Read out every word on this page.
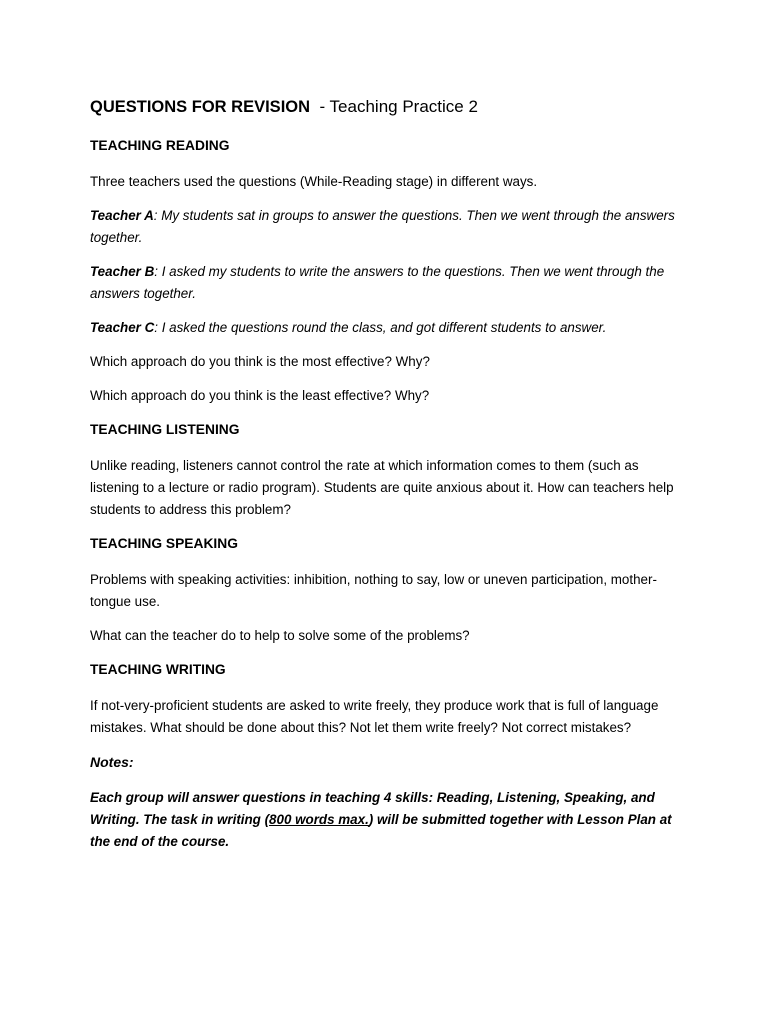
QUESTIONS FOR REVISION  - Teaching Practice 2
TEACHING READING

Three teachers used the questions (While-Reading stage) in different ways.

Teacher A: My students sat in groups to answer the questions. Then we went through the answers together.

Teacher B: I asked my students to write the answers to the questions. Then we went through the answers together.

Teacher C: I asked the questions round the class, and got different students to answer.

Which approach do you think is the most effective? Why?

Which approach do you think is the least effective? Why?

TEACHING LISTENING

Unlike reading, listeners cannot control the rate at which information comes to them (such as listening to a lecture or radio program). Students are quite anxious about it. How can teachers help students to address this problem?

TEACHING SPEAKING

Problems with speaking activities: inhibition, nothing to say, low or uneven participation, mother-tongue use.

What can the teacher do to help to solve some of the problems?

TEACHING WRITING

If not-very-proficient students are asked to write freely, they produce work that is full of language mistakes. What should be done about this? Not let them write freely? Not correct mistakes?

Notes:

Each group will answer questions in teaching 4 skills: Reading, Listening, Speaking, and Writing. The task in writing (800 words max.) will be submitted together with Lesson Plan at the end of the course.
